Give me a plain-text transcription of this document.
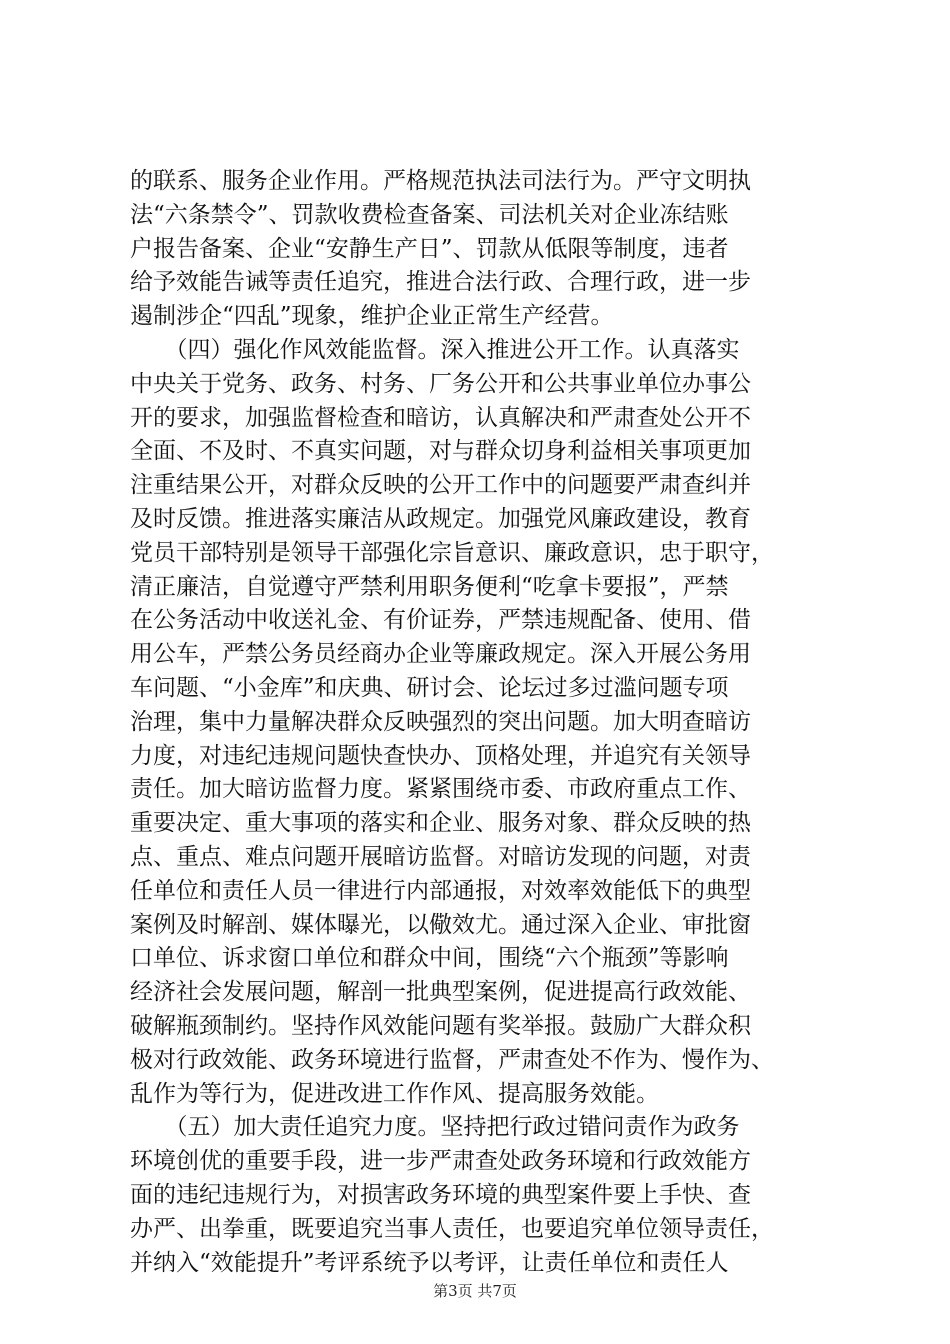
的联系、服务企业作用。严格规范执法司法行为。严守文明执
法“六条禁令”、罚款收费检查备案、司法机关对企业冻结账
户报告备案、企业“安静生产日”、罚款从低限等制度，违者
给予效能告诫等责任追究，推进合法行政、合理行政，进一步
遏制涉企“四乱”现象，维护企业正常生产经营。
　　（四）强化作风效能监督。深入推进公开工作。认真落实
中央关于党务、政务、村务、厂务公开和公共事业单位办事公
开的要求，加强监督检查和暗访，认真解决和严肃查处公开不
全面、不及时、不真实问题，对与群众切身利益相关事项更加
注重结果公开，对群众反映的公开工作中的问题要严肃查纠并
及时反馈。推进落实廉洁从政规定。加强党风廉政建设，教育
党员干部特别是领导干部强化宗旨意识、廉政意识，忠于职守，
清正廉洁，自觉遵守严禁利用职务便利“吃拿卡要报”，严禁
在公务活动中收送礼金、有价证券，严禁违规配备、使用、借
用公车，严禁公务员经商办企业等廉政规定。深入开展公务用
车问题、“小金库”和庆典、研讨会、论坛过多过滥问题专项
治理，集中力量解决群众反映强烈的突出问题。加大明查暗访
力度，对违纪违规问题快查快办、顶格处理，并追究有关领导
责任。加大暗访监督力度。紧紧围绕市委、市政府重点工作、
重要决定、重大事项的落实和企业、服务对象、群众反映的热
点、重点、难点问题开展暗访监督。对暗访发现的问题，对责
任单位和责任人员一律进行内部通报，对效率效能低下的典型
案例及时解剖、媒体曝光，以儆效尤。通过深入企业、审批窗
口单位、诉求窗口单位和群众中间，围绕“六个瓶颈”等影响
经济社会发展问题，解剖一批典型案例，促进提高行政效能、
破解瓶颈制约。坚持作风效能问题有奖举报。鼓励广大群众积
极对行政效能、政务环境进行监督，严肃查处不作为、慢作为、
乱作为等行为，促进改进工作作风、提高服务效能。
　　（五）加大责任追究力度。坚持把行政过错问责作为政务
环境创优的重要手段，进一步严肃查处政务环境和行政效能方
面的违纪违规行为，对损害政务环境的典型案件要上手快、查
办严、出拳重，既要追究当事人责任，也要追究单位领导责任，
并纳入“效能提升”考评系统予以考评，让责任单位和责任人
第3页 共7页
